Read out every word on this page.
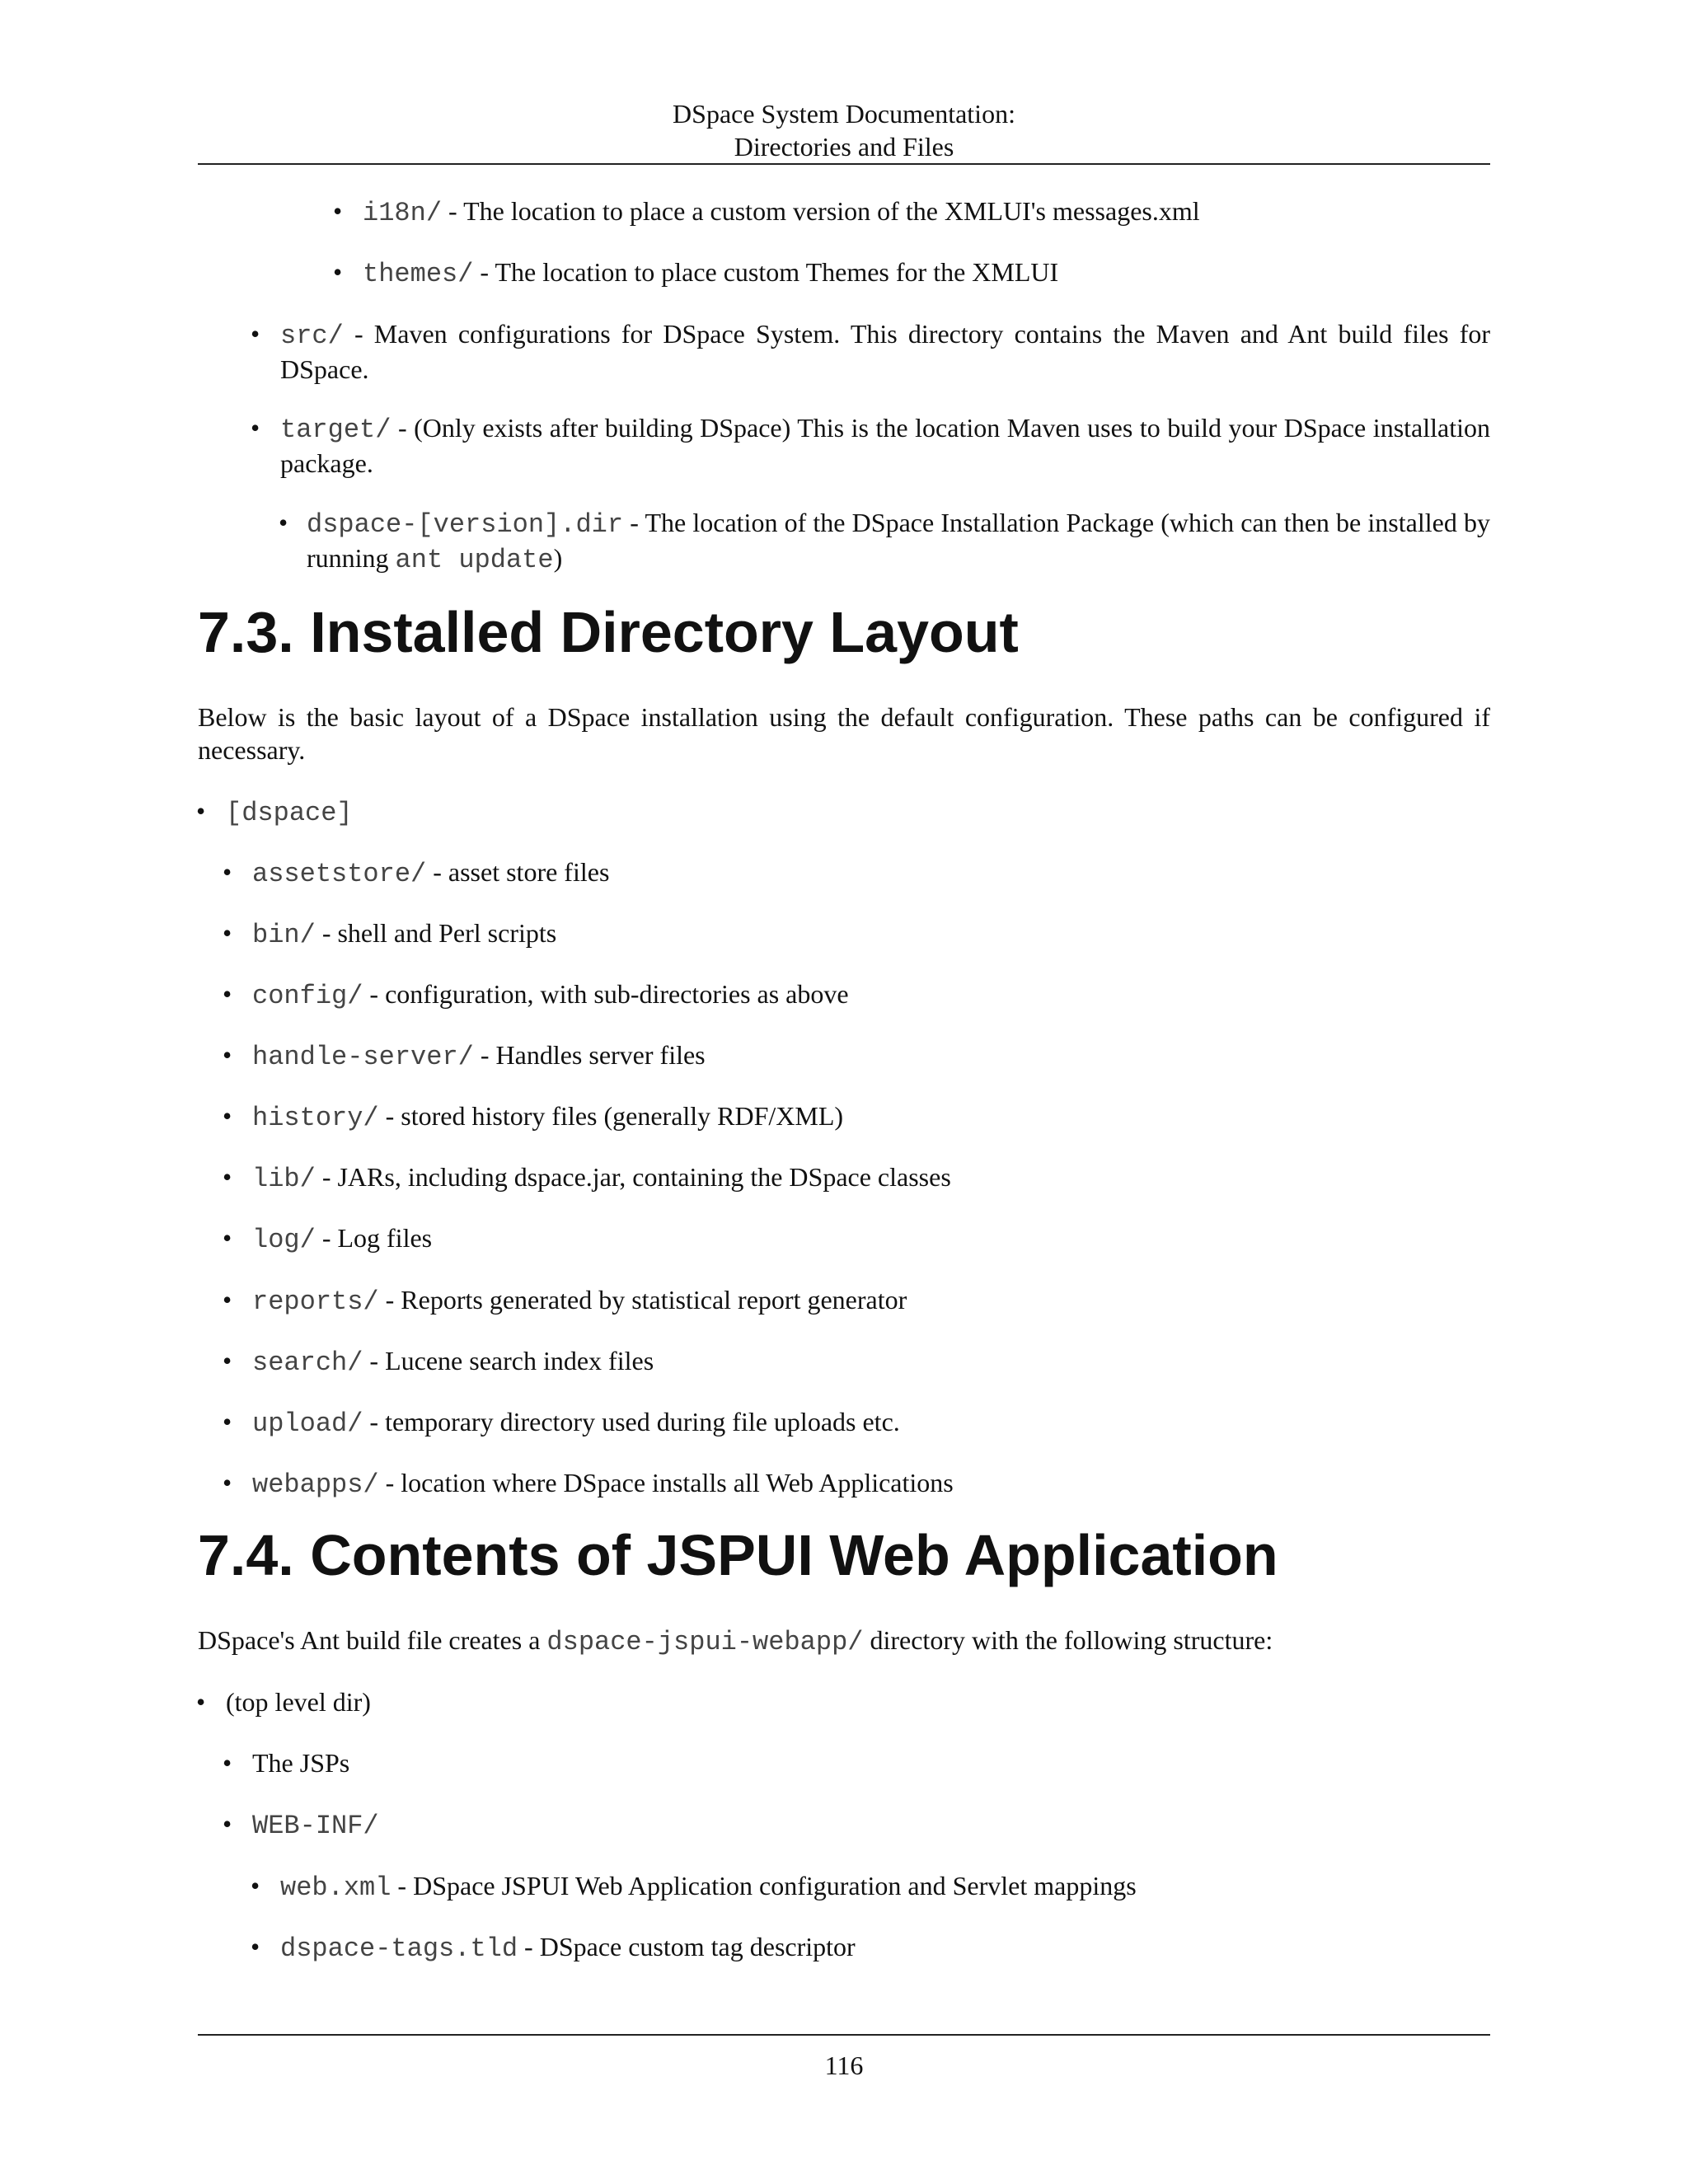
DSpace System Documentation:
Directories and Files
• i18n/ - The location to place a custom version of the XMLUI's messages.xml
• themes/ - The location to place custom Themes for the XMLUI
• src/ - Maven configurations for DSpace System. This directory contains the Maven and Ant build files for DSpace.
• target/ - (Only exists after building DSpace) This is the location Maven uses to build your DSpace installation package.
• dspace-[version].dir - The location of the DSpace Installation Package (which can then be installed by running ant update)
7.3. Installed Directory Layout
Below is the basic layout of a DSpace installation using the default configuration. These paths can be configured if necessary.
• [dspace]
• assetstore/ - asset store files
• bin/ - shell and Perl scripts
• config/ - configuration, with sub-directories as above
• handle-server/ - Handles server files
• history/ - stored history files (generally RDF/XML)
• lib/ - JARs, including dspace.jar, containing the DSpace classes
• log/ - Log files
• reports/ - Reports generated by statistical report generator
• search/ - Lucene search index files
• upload/ - temporary directory used during file uploads etc.
• webapps/ - location where DSpace installs all Web Applications
7.4. Contents of JSPUI Web Application
DSpace's Ant build file creates a dspace-jspui-webapp/ directory with the following structure:
• (top level dir)
• The JSPs
• WEB-INF/
• web.xml - DSpace JSPUI Web Application configuration and Servlet mappings
• dspace-tags.tld - DSpace custom tag descriptor
116
